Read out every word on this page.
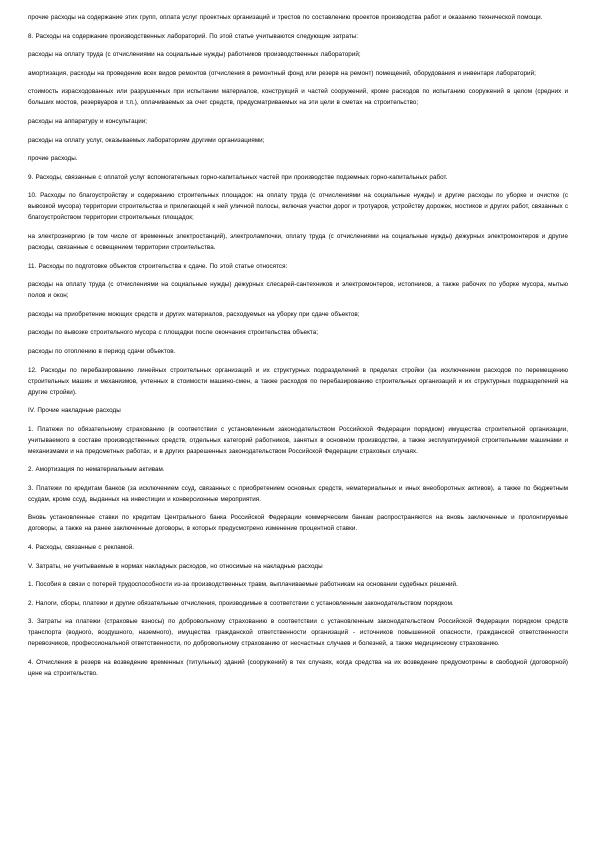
прочие расходы на содержание этих групп, оплата услуг проектных организаций и трестов по составлению проектов производства работ и оказанию технической помощи.

8. Расходы на содержание производственных лабораторий. По этой статье учитываются следующие затраты:

расходы на оплату труда (с отчислениями на социальные нужды) работников производственных лабораторий;

амортизация, расходы на проведение всех видов ремонтов (отчисления в ремонтный фонд или резерв на ремонт) помещений, оборудования и инвентаря лабораторий;

стоимость израсходованных или разрушенных при испытании материалов, конструкций и частей сооружений, кроме расходов по испытанию сооружений в целом (средних и больших мостов, резервуаров и т.п.), оплачиваемых за счет средств, предусматриваемых на эти цели в сметах на строительство;

расходы на аппаратуру и консультации;

расходы на оплату услуг, оказываемых лабораториям другими организациями;

прочие расходы.

9. Расходы, связанные с оплатой услуг вспомогательных горно-капитальных частей при производстве подземных горно-капитальных работ.

10. Расходы по благоустройству и содержанию строительных площадок: на оплату труда (с отчислениями на социальные нужды) и другие расходы по уборке и очистке (с вывозкой мусора) территории строительства и прилегающей к ней уличной полосы, включая участки дорог и тротуаров, устройству дорожек, мостиков и других работ, связанных с благоустройством территории строительных площадок;

на электроэнергию (в том числе от временных электростанций), электролампочки, оплату труда (с отчислениями на социальные нужды) дежурных электромонтеров и другие расходы, связанные с освещением территории строительства.

11. Расходы по подготовке объектов строительства к сдаче. По этой статье относятся:

расходы на оплату труда (с отчислениями на социальные нужды) дежурных слесарей-сантехников и электромонтеров, истопников, а также рабочих по уборке мусора, мытью полов и окон;

расходы на приобретение моющих средств и других материалов, расходуемых на уборку при сдаче объектов;

расходы по вывозке строительного мусора с площадки после окончания строительства объекта;

расходы по отоплению в период сдачи объектов.

12. Расходы по перебазированию линейных строительных организаций и их структурных подразделений в пределах стройки (за исключением расходов по перемещению строительных машин и механизмов, учтенных в стоимости машино-смен, а также расходов по перебазированию строительных организаций и их структурных подразделений на другие стройки).

IV. Прочие накладные расходы

1. Платежи по обязательному страхованию (в соответствии с установленным законодательством Российской Федерации порядком) имущества строительной организации, учитываемого в составе производственных средств, отдельных категорий работников, занятых в основном производстве, а также эксплуатируемой строительными машинами и механизмами и на предсметных работах, и в других разрешенных законодательством Российской Федерации страховых случаях.

2. Амортизация по нематериальным активам.

3. Платежи по кредитам банков (за исключением ссуд, связанных с приобретением основных средств, нематериальных и иных внеоборотных активов), а также по бюджетным ссудам, кроме ссуд, выданных на инвестиции и конверсионные мероприятия.

Вновь установленные ставки по кредитам Центрального банка Российской Федерации коммерческим банкам распространяются на вновь заключенные и пролонгируемые договоры, а также на ранее заключенные договоры, в которых предусмотрено изменение процентной ставки.

4. Расходы, связанные с рекламой.

V. Затраты, не учитываемые в нормах накладных расходов, но относимые на накладные расходы

1. Пособия в связи с потерей трудоспособности из-за производственных травм, выплачиваемые работникам на основании судебных решений.

2. Налоги, сборы, платежи и другие обязательные отчисления, производимые в соответствии с установленным законодательством порядком.

3. Затраты на платежи (страховые взносы) по добровольному страхованию в соответствии с установленным законодательством Российской Федерации порядком средств транспорта (водного, воздушного, наземного), имущества гражданской ответственности организаций - источников повышенной опасности, гражданской ответственности перевозчиков, профессиональной ответственности, по добровольному страхованию от несчастных случаев и болезней, а также медицинскому страхованию.

4. Отчисления в резерв на возведение временных (титульных) зданий (сооружений) в тех случаях, когда средства на их возведение предусмотрены в свободной (договорной) цене на строительство.
